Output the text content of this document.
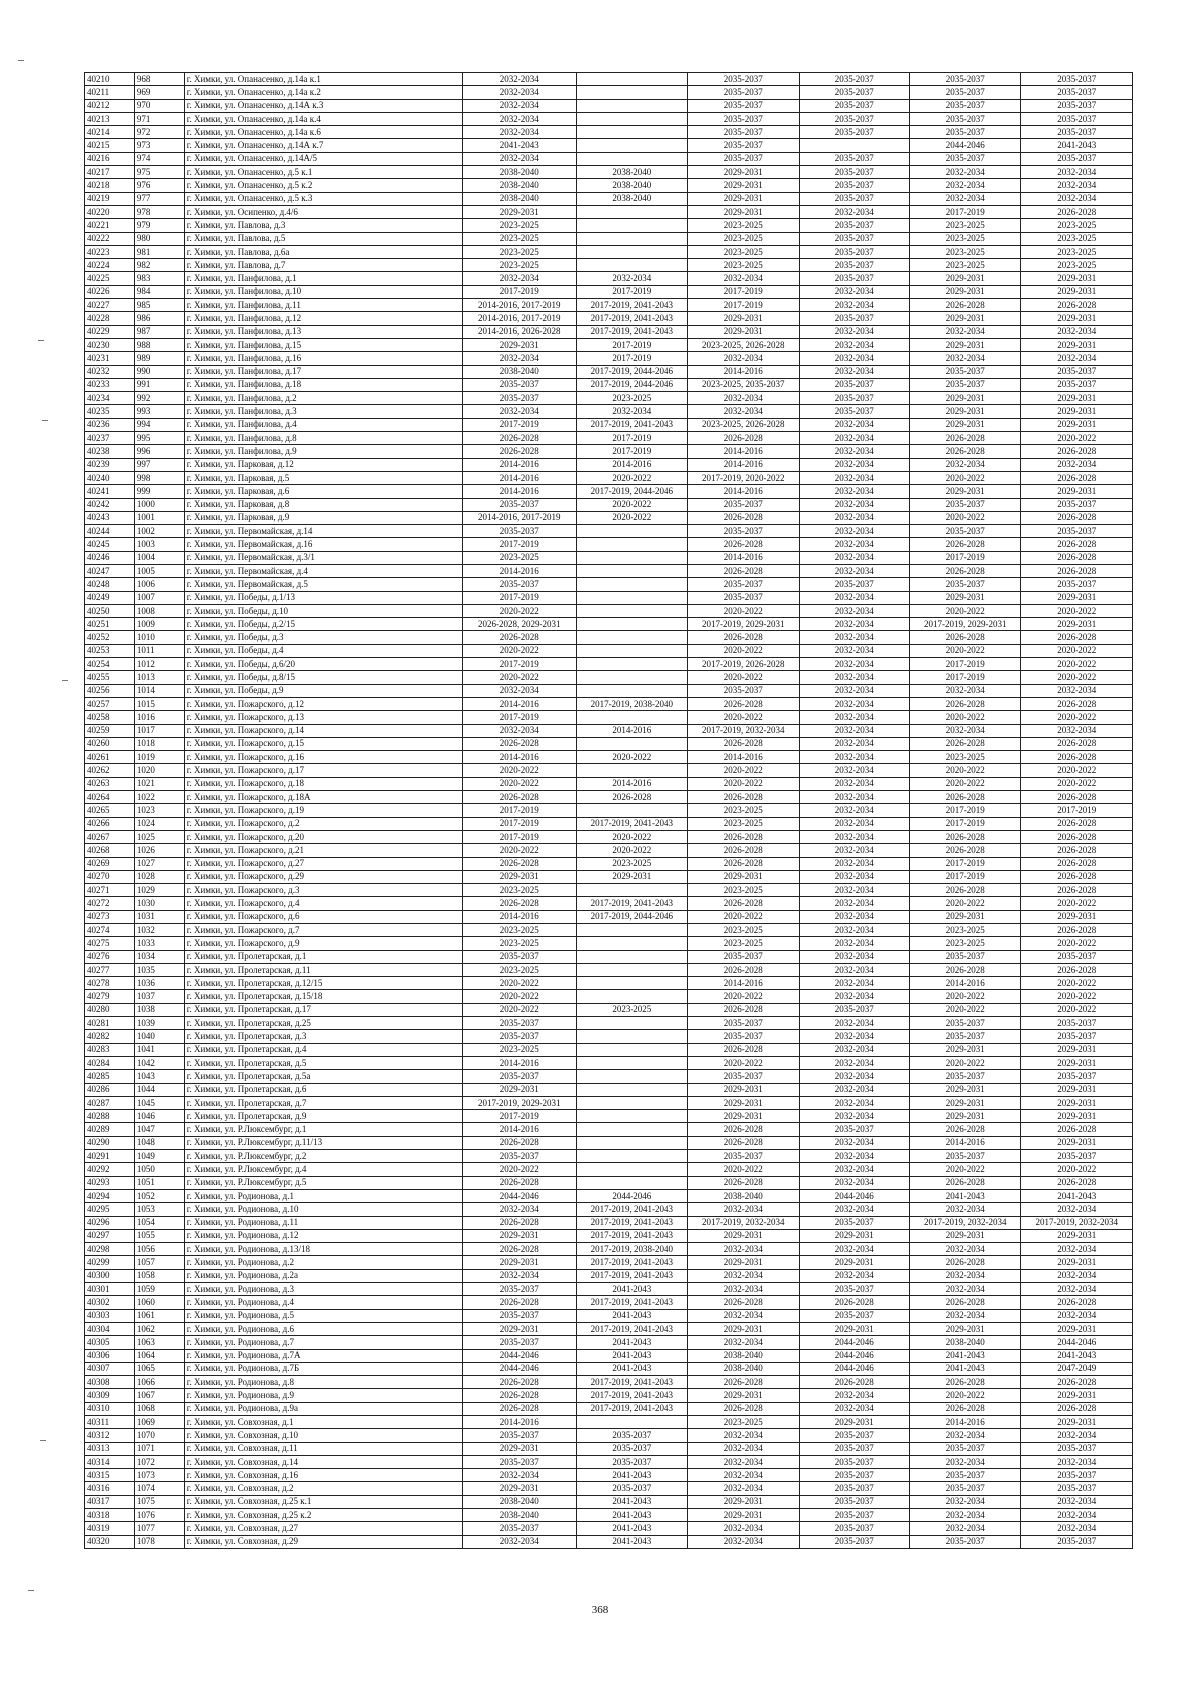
40210	968	г. Химки, ул. Опанасенко, д.14а к.1	2032-2034		2035-2037	2035-2037	2035-2037	2035-2037
40211	969	г. Химки, ул. Опанасенко, д.14а к.2	2032-2034		2035-2037	2035-2037	2035-2037	2035-2037
40212	970	г. Химки, ул. Опанасенко, д.14А к.3	2032-2034		2035-2037	2035-2037	2035-2037	2035-2037
40213	971	г. Химки, ул. Опанасенко, д.14а к.4	2032-2034		2035-2037	2035-2037	2035-2037	2035-2037
40214	972	г. Химки, ул. Опанасенко, д.14а к.6	2032-2034		2035-2037	2035-2037	2035-2037	2035-2037
40215	973	г. Химки, ул. Опанасенко, д.14А к.7	2041-2043		2035-2037		2044-2046	2041-2043
40216	974	г. Химки, ул. Опанасенко, д.14А/5	2032-2034		2035-2037	2035-2037	2035-2037	2035-2037
40217	975	г. Химки, ул. Опанасенко, д.5 к.1	2038-2040	2038-2040	2029-2031	2035-2037	2032-2034	2032-2034
40218	976	г. Химки, ул. Опанасенко, д.5 к.2	2038-2040	2038-2040	2029-2031	2035-2037	2032-2034	2032-2034
40219	977	г. Химки, ул. Опанасенко, д.5 к.3	2038-2040	2038-2040	2029-2031	2035-2037	2032-2034	2032-2034
40220	978	г. Химки, ул. Осипенко, д.4/6	2029-2031		2029-2031	2032-2034	2017-2019	2026-2028
40221	979	г. Химки, ул. Павлова, д.3	2023-2025		2023-2025	2035-2037	2023-2025	2023-2025
40222	980	г. Химки, ул. Павлова, д.5	2023-2025		2023-2025	2035-2037	2023-2025	2023-2025
40223	981	г. Химки, ул. Павлова, д.6а	2023-2025		2023-2025	2035-2037	2023-2025	2023-2025
40224	982	г. Химки, ул. Павлова, д.7	2023-2025		2023-2025	2035-2037	2023-2025	2023-2025
40225	983	г. Химки, ул. Панфилова, д.1	2032-2034	2032-2034	2032-2034	2035-2037	2029-2031	2029-2031
40226	984	г. Химки, ул. Панфилова, д.10	2017-2019	2017-2019	2017-2019	2032-2034	2029-2031	2029-2031
40227	985	г. Химки, ул. Панфилова, д.11	2014-2016, 2017-2019	2017-2019, 2041-2043	2017-2019	2032-2034	2026-2028	2026-2028
40228	986	г. Химки, ул. Панфилова, д.12	2014-2016, 2017-2019	2017-2019, 2041-2043	2029-2031	2035-2037	2029-2031	2029-2031
40229	987	г. Химки, ул. Панфилова, д.13	2014-2016, 2026-2028	2017-2019, 2041-2043	2029-2031	2032-2034	2032-2034	2032-2034
40230	988	г. Химки, ул. Панфилова, д.15	2029-2031	2017-2019	2023-2025, 2026-2028	2032-2034	2029-2031	2029-2031
40231	989	г. Химки, ул. Панфилова, д.16	2032-2034	2017-2019	2032-2034	2032-2034	2032-2034	2032-2034
40232	990	г. Химки, ул. Панфилова, д.17	2038-2040	2017-2019, 2044-2046	2014-2016	2032-2034	2035-2037	2035-2037
40233	991	г. Химки, ул. Панфилова, д.18	2035-2037	2017-2019, 2044-2046	2023-2025, 2035-2037	2035-2037	2035-2037	2035-2037
40234	992	г. Химки, ул. Панфилова, д.2	2035-2037	2023-2025	2032-2034	2035-2037	2029-2031	2029-2031
40235	993	г. Химки, ул. Панфилова, д.3	2032-2034	2032-2034	2032-2034	2035-2037	2029-2031	2029-2031
40236	994	г. Химки, ул. Панфилова, д.4	2017-2019	2017-2019, 2041-2043	2023-2025, 2026-2028	2032-2034	2029-2031	2029-2031
40237	995	г. Химки, ул. Панфилова, д.8	2026-2028	2017-2019	2026-2028	2032-2034	2026-2028	2020-2022
40238	996	г. Химки, ул. Панфилова, д.9	2026-2028	2017-2019	2014-2016	2032-2034	2026-2028	2026-2028
40239	997	г. Химки, ул. Парковая, д.12	2014-2016	2014-2016	2014-2016	2032-2034	2032-2034	2032-2034
40240	998	г. Химки, ул. Парковая, д.5	2014-2016	2020-2022	2017-2019, 2020-2022	2032-2034	2020-2022	2026-2028
40241	999	г. Химки, ул. Парковая, д.6	2014-2016	2017-2019, 2044-2046	2014-2016	2032-2034	2029-2031	2029-2031
40242	1000	г. Химки, ул. Парковая, д.8	2035-2037	2020-2022	2035-2037	2032-2034	2035-2037	2035-2037
40243	1001	г. Химки, ул. Парковая, д.9	2014-2016, 2017-2019	2020-2022	2026-2028	2032-2034	2020-2022	2026-2028
40244	1002	г. Химки, ул. Первомайская, д.14	2035-2037		2035-2037	2032-2034	2035-2037	2035-2037
40245	1003	г. Химки, ул. Первомайская, д.16	2017-2019		2026-2028	2032-2034	2026-2028	2026-2028
40246	1004	г. Химки, ул. Первомайская, д.3/1	2023-2025		2014-2016	2032-2034	2017-2019	2026-2028
40247	1005	г. Химки, ул. Первомайская, д.4	2014-2016		2026-2028	2032-2034	2026-2028	2026-2028
40248	1006	г. Химки, ул. Первомайская, д.5	2035-2037		2035-2037	2035-2037	2035-2037	2035-2037
40249	1007	г. Химки, ул. Победы, д.1/13	2017-2019		2035-2037	2032-2034	2029-2031	2029-2031
40250	1008	г. Химки, ул. Победы, д.10	2020-2022		2020-2022	2032-2034	2020-2022	2020-2022
40251	1009	г. Химки, ул. Победы, д.2/15	2026-2028, 2029-2031		2017-2019, 2029-2031	2032-2034	2017-2019, 2029-2031	2029-2031
40252	1010	г. Химки, ул. Победы, д.3	2026-2028		2026-2028	2032-2034	2026-2028	2026-2028
40253	1011	г. Химки, ул. Победы, д.4	2020-2022		2020-2022	2032-2034	2020-2022	2020-2022
40254	1012	г. Химки, ул. Победы, д.6/20	2017-2019		2017-2019, 2026-2028	2032-2034	2017-2019	2020-2022
40255	1013	г. Химки, ул. Победы, д.8/15	2020-2022		2020-2022	2032-2034	2017-2019	2020-2022
40256	1014	г. Химки, ул. Победы, д.9	2032-2034		2035-2037	2032-2034	2032-2034	2032-2034
40257	1015	г. Химки, ул. Пожарского, д.12	2014-2016	2017-2019, 2038-2040	2026-2028	2032-2034	2026-2028	2026-2028
40258	1016	г. Химки, ул. Пожарского, д.13	2017-2019		2020-2022	2032-2034	2020-2022	2020-2022
40259	1017	г. Химки, ул. Пожарского, д.14	2032-2034	2014-2016	2017-2019, 2032-2034	2032-2034	2032-2034	2032-2034
40260	1018	г. Химки, ул. Пожарского, д.15	2026-2028		2026-2028	2032-2034	2026-2028	2026-2028
40261	1019	г. Химки, ул. Пожарского, д.16	2014-2016	2020-2022	2014-2016	2032-2034	2023-2025	2026-2028
40262	1020	г. Химки, ул. Пожарского, д.17	2020-2022		2020-2022	2032-2034	2020-2022	2020-2022
40263	1021	г. Химки, ул. Пожарского, д.18	2020-2022	2014-2016	2020-2022	2032-2034	2020-2022	2020-2022
40264	1022	г. Химки, ул. Пожарского, д.18А	2026-2028	2026-2028	2026-2028	2032-2034	2026-2028	2026-2028
40265	1023	г. Химки, ул. Пожарского, д.19	2017-2019		2023-2025	2032-2034	2017-2019	2017-2019
40266	1024	г. Химки, ул. Пожарского, д.2	2017-2019	2017-2019, 2041-2043	2023-2025	2032-2034	2017-2019	2026-2028
40267	1025	г. Химки, ул. Пожарского, д.20	2017-2019	2020-2022	2026-2028	2032-2034	2026-2028	2026-2028
40268	1026	г. Химки, ул. Пожарского, д.21	2020-2022	2020-2022	2026-2028	2032-2034	2026-2028	2026-2028
40269	1027	г. Химки, ул. Пожарского, д.27	2026-2028	2023-2025	2026-2028	2032-2034	2017-2019	2026-2028
40270	1028	г. Химки, ул. Пожарского, д.29	2029-2031	2029-2031	2029-2031	2032-2034	2017-2019	2026-2028
40271	1029	г. Химки, ул. Пожарского, д.3	2023-2025		2023-2025	2032-2034	2026-2028	2026-2028
40272	1030	г. Химки, ул. Пожарского, д.4	2026-2028	2017-2019, 2041-2043	2026-2028	2032-2034	2020-2022	2020-2022
40273	1031	г. Химки, ул. Пожарского, д.6	2014-2016	2017-2019, 2044-2046	2020-2022	2032-2034	2029-2031	2029-2031
40274	1032	г. Химки, ул. Пожарского, д.7	2023-2025		2023-2025	2032-2034	2023-2025	2026-2028
40275	1033	г. Химки, ул. Пожарского, д.9	2023-2025		2023-2025	2032-2034	2023-2025	2020-2022
40276	1034	г. Химки, ул. Пролетарская, д.1	2035-2037		2035-2037	2032-2034	2035-2037	2035-2037
40277	1035	г. Химки, ул. Пролетарская, д.11	2023-2025		2026-2028	2032-2034	2026-2028	2026-2028
40278	1036	г. Химки, ул. Пролетарская, д.12/15	2020-2022		2014-2016	2032-2034	2014-2016	2020-2022
40279	1037	г. Химки, ул. Пролетарская, д.15/18	2020-2022		2020-2022	2032-2034	2020-2022	2020-2022
40280	1038	г. Химки, ул. Пролетарская, д.17	2020-2022	2023-2025	2026-2028	2035-2037	2020-2022	2020-2022
40281	1039	г. Химки, ул. Пролетарская, д.25	2035-2037		2035-2037	2032-2034	2035-2037	2035-2037
40282	1040	г. Химки, ул. Пролетарская, д.3	2035-2037		2035-2037	2032-2034	2035-2037	2035-2037
40283	1041	г. Химки, ул. Пролетарская, д.4	2023-2025		2026-2028	2032-2034	2029-2031	2029-2031
40284	1042	г. Химки, ул. Пролетарская, д.5	2014-2016		2020-2022	2032-2034	2020-2022	2029-2031
40285	1043	г. Химки, ул. Пролетарская, д.5а	2035-2037		2035-2037	2032-2034	2035-2037	2035-2037
40286	1044	г. Химки, ул. Пролетарская, д.6	2029-2031		2029-2031	2032-2034	2029-2031	2029-2031
40287	1045	г. Химки, ул. Пролетарская, д.7	2017-2019, 2029-2031		2029-2031	2032-2034	2029-2031	2029-2031
40288	1046	г. Химки, ул. Пролетарская, д.9	2017-2019		2029-2031	2032-2034	2029-2031	2029-2031
40289	1047	г. Химки, ул. Р.Люксембург, д.1	2014-2016		2026-2028	2035-2037	2026-2028	2026-2028
40290	1048	г. Химки, ул. Р.Люксембург, д.11/13	2026-2028		2026-2028	2032-2034	2014-2016	2029-2031
40291	1049	г. Химки, ул. Р.Люксембург, д.2	2035-2037		2035-2037	2032-2034	2035-2037	2035-2037
40292	1050	г. Химки, ул. Р.Люксембург, д.4	2020-2022		2020-2022	2032-2034	2020-2022	2020-2022
40293	1051	г. Химки, ул. Р.Люксембург, д.5	2026-2028		2026-2028	2032-2034	2026-2028	2026-2028
40294	1052	г. Химки, ул. Родионова, д.1	2044-2046	2044-2046	2038-2040	2044-2046	2041-2043	2041-2043
40295	1053	г. Химки, ул. Родионова, д.10	2032-2034	2017-2019, 2041-2043	2032-2034	2032-2034	2032-2034	2032-2034
40296	1054	г. Химки, ул. Родионова, д.11	2026-2028	2017-2019, 2041-2043	2017-2019, 2032-2034	2035-2037	2017-2019, 2032-2034	2017-2019, 2032-2034
40297	1055	г. Химки, ул. Родионова, д.12	2029-2031	2017-2019, 2041-2043	2029-2031	2029-2031	2029-2031	2029-2031
40298	1056	г. Химки, ул. Родионова, д.13/18	2026-2028	2017-2019, 2038-2040	2032-2034	2032-2034	2032-2034	2032-2034
40299	1057	г. Химки, ул. Родионова, д.2	2029-2031	2017-2019, 2041-2043	2029-2031	2029-2031	2026-2028	2029-2031
40300	1058	г. Химки, ул. Родионова, д.2а	2032-2034	2017-2019, 2041-2043	2032-2034	2032-2034	2032-2034	2032-2034
40301	1059	г. Химки, ул. Родионова, д.3	2035-2037	2041-2043	2032-2034	2035-2037	2032-2034	2032-2034
40302	1060	г. Химки, ул. Родионова, д.4	2026-2028	2017-2019, 2041-2043	2026-2028	2026-2028	2026-2028	2026-2028
40303	1061	г. Химки, ул. Родионова, д.5	2035-2037	2041-2043	2032-2034	2035-2037	2032-2034	2032-2034
40304	1062	г. Химки, ул. Родионова, д.6	2029-2031	2017-2019, 2041-2043	2029-2031	2029-2031	2029-2031	2029-2031
40305	1063	г. Химки, ул. Родионова, д.7	2035-2037	2041-2043	2032-2034	2044-2046	2038-2040	2044-2046
40306	1064	г. Химки, ул. Родионова, д.7А	2044-2046	2041-2043	2038-2040	2044-2046	2041-2043	2041-2043
40307	1065	г. Химки, ул. Родионова, д.7Б	2044-2046	2041-2043	2038-2040	2044-2046	2041-2043	2047-2049
40308	1066	г. Химки, ул. Родионова, д.8	2026-2028	2017-2019, 2041-2043	2026-2028	2026-2028	2026-2028	2026-2028
40309	1067	г. Химки, ул. Родионова, д.9	2026-2028	2017-2019, 2041-2043	2029-2031	2032-2034	2020-2022	2029-2031
40310	1068	г. Химки, ул. Родионова, д.9а	2026-2028	2017-2019, 2041-2043	2026-2028	2032-2034	2026-2028	2026-2028
40311	1069	г. Химки, ул. Совхозная, д.1	2014-2016		2023-2025	2029-2031	2014-2016	2029-2031
40312	1070	г. Химки, ул. Совхозная, д.10	2035-2037	2035-2037	2032-2034	2035-2037	2032-2034	2032-2034
40313	1071	г. Химки, ул. Совхозная, д.11	2029-2031	2035-2037	2032-2034	2035-2037	2035-2037	2035-2037
40314	1072	г. Химки, ул. Совхозная, д.14	2035-2037	2035-2037	2032-2034	2035-2037	2032-2034	2032-2034
40315	1073	г. Химки, ул. Совхозная, д.16	2032-2034	2041-2043	2032-2034	2035-2037	2035-2037	2035-2037
40316	1074	г. Химки, ул. Совхозная, д.2	2029-2031	2035-2037	2032-2034	2035-2037	2035-2037	2035-2037
40317	1075	г. Химки, ул. Совхозная, д.25 к.1	2038-2040	2041-2043	2029-2031	2035-2037	2032-2034	2032-2034
40318	1076	г. Химки, ул. Совхозная, д.25 к.2	2038-2040	2041-2043	2029-2031	2035-2037	2032-2034	2032-2034
40319	1077	г. Химки, ул. Совхозная, д.27	2035-2037	2041-2043	2032-2034	2035-2037	2032-2034	2032-2034
40320	1078	г. Химки, ул. Совхозная, д.29	2032-2034	2041-2043	2032-2034	2035-2037	2035-2037	2035-2037
368
